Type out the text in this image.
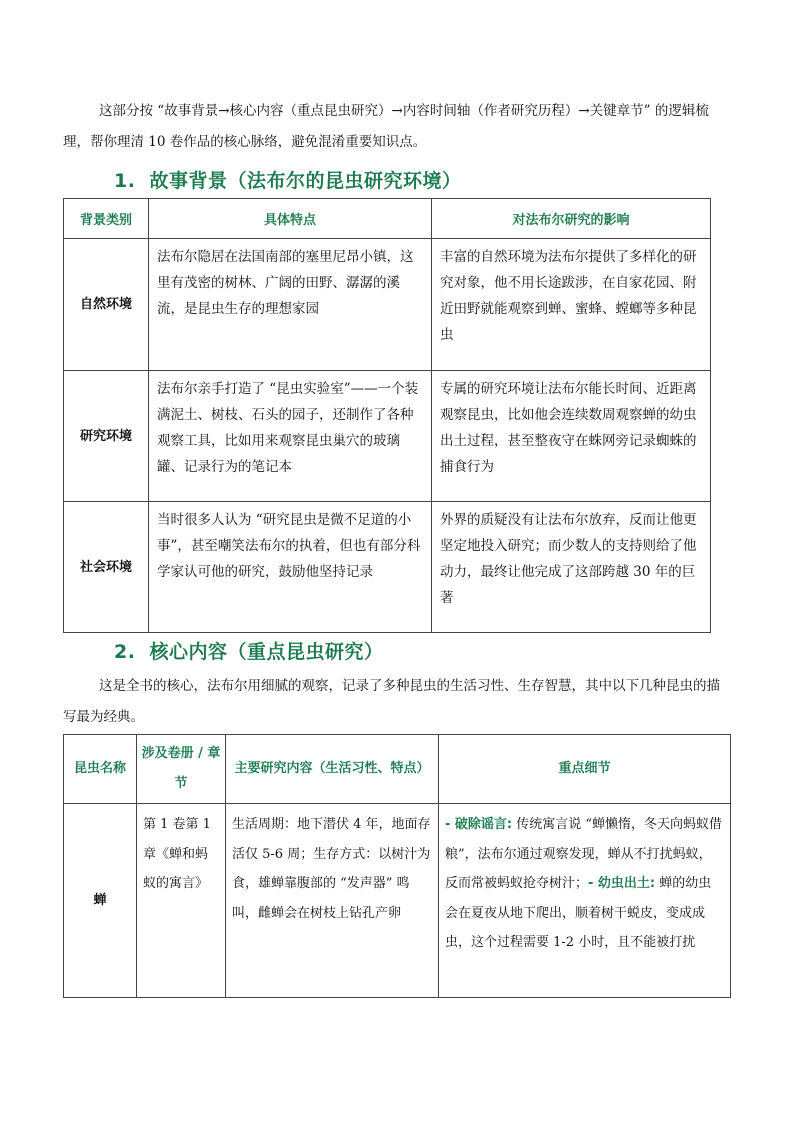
这部分按 “故事背景→核心内容（重点昆虫研究）→内容时间轴（作者研究历程）→关键章节” 的逻辑梳理，帮你理清 10 卷作品的核心脉络，避免混淆重要知识点。

1. 故事背景（法布尔的昆虫研究环境）
背景类别	具体特点	对法布尔研究的影响
自然环境	法布尔隐居在法国南部的塞里尼昂小镇，这里有茂密的树林、广阔的田野、潺潺的溪流，是昆虫生存的理想家园	丰富的自然环境为法布尔提供了多样化的研究对象，他不用长途跋涉，在自家花园、附近田野就能观察到蝉、蜜蜂、螳螂等多种昆虫
研究环境	法布尔亲手打造了 “昆虫实验室”——一个装满泥土、树枝、石头的园子，还制作了各种观察工具，比如用来观察昆虫巢穴的玻璃罐、记录行为的笔记本	专属的研究环境让法布尔能长时间、近距离观察昆虫，比如他会连续数周观察蝉的幼虫出土过程，甚至整夜守在蛛网旁记录蜘蛛的捕食行为
社会环境	当时很多人认为 “研究昆虫是微不足道的小事”，甚至嘲笑法布尔的执着，但也有部分科学家认可他的研究，鼓励他坚持记录	外界的质疑没有让法布尔放弃，反而让他更坚定地投入研究；而少数人的支持则给了他动力，最终让他完成了这部跨越 30 年的巨著
2. 核心内容（重点昆虫研究）

这是全书的核心，法布尔用细腻的观察，记录了多种昆虫的生活习性、生存智慧，其中以下几种昆虫的描写最为经典。

昆虫名称	涉及卷册 / 章节	主要研究内容（生活习性、特点）	重点细节
蝉	第 1 卷第 1 章《蝉和蚂蚁的寓言》	生活周期：地下潜伏 4 年，地面存活仅 5-6 周；生存方式：以树汁为食，雄蝉靠腹部的 “发声器” 鸣叫，雌蝉会在树枝上钻孔产卵	- 破除谣言: 传统寓言说 “蝉懒惰，冬天向蚂蚁借粮”，法布尔通过观察发现，蝉从不打扰蚂蚁，反而常被蚂蚁抢夺树汁；- 幼虫出土: 蝉的幼虫会在夏夜从地下爬出，顺着树干蜕皮，变成成虫，这个过程需要 1-2 小时，且不能被打扰
